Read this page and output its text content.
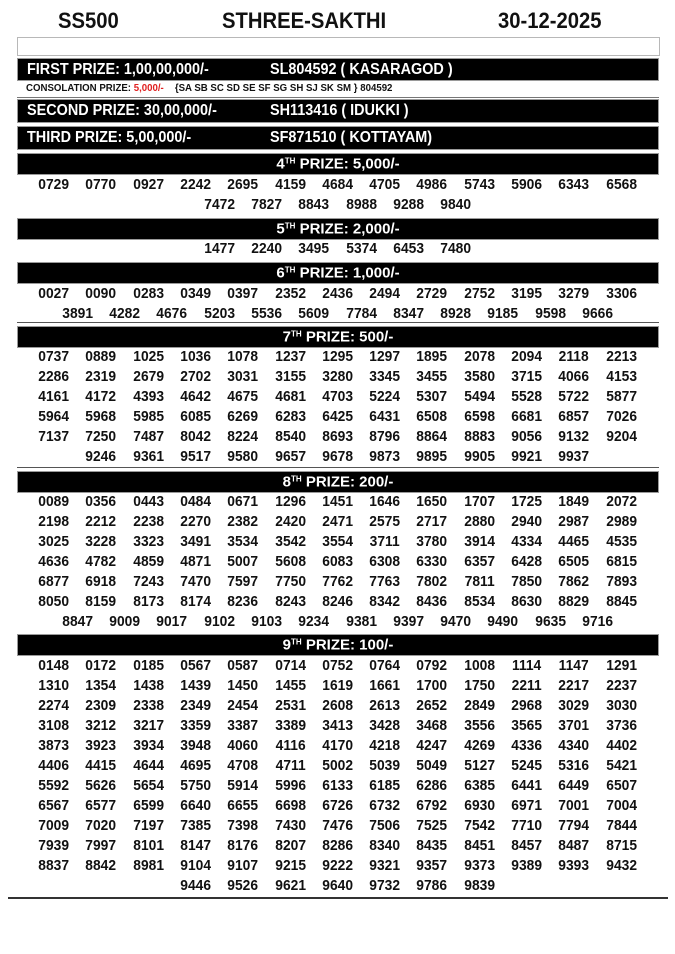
SS500	STHREE-SAKTHI	30-12-2025
FIRST PRIZE: 1,00,00,000/-	SL804592 ( KASARAGOD )
CONSOLATION PRIZE: 5,000/- {SA SB SC SD SE SF SG SH SJ SK SM } 804592
SECOND PRIZE: 30,00,000/-	SH113416 ( IDUKKI )
THIRD PRIZE: 5,00,000/-	SF871510 ( KOTTAYAM)
4TH PRIZE: 5,000/-
0729 0770 0927 2242 2695 4159 4684 4705 4986 5743 5906 6343 6568
7472 7827 8843 8988 9288 9840
5TH PRIZE: 2,000/-
1477 2240 3495 5374 6453 7480
6TH PRIZE: 1,000/-
0027 0090 0283 0349 0397 2352 2436 2494 2729 2752 3195 3279 3306
3891 4282 4676 5203 5536 5609 7784 8347 8928 9185 9598 9666
7TH PRIZE: 500/-
0737 0889 1025 1036 1078 1237 1295 1297 1895 2078 2094 2118 2213
2286 2319 2679 2702 3031 3155 3280 3345 3455 3580 3715 4066 4153
4161 4172 4393 4642 4675 4681 4703 5224 5307 5494 5528 5722 5877
5964 5968 5985 6085 6269 6283 6425 6431 6508 6598 6681 6857 7026
7137 7250 7487 8042 8224 8540 8693 8796 8864 8883 9056 9132 9204
9246 9361 9517 9580 9657 9678 9873 9895 9905 9921 9937
8TH PRIZE: 200/-
0089 0356 0443 0484 0671 1296 1451 1646 1650 1707 1725 1849 2072
2198 2212 2238 2270 2382 2420 2471 2575 2717 2880 2940 2987 2989
3025 3228 3323 3491 3534 3542 3554 3711 3780 3914 4334 4465 4535
4636 4782 4859 4871 5007 5608 6083 6308 6330 6357 6428 6505 6815
6877 6918 7243 7470 7597 7750 7762 7763 7802 7811 7850 7862 7893
8050 8159 8173 8174 8236 8243 8246 8342 8436 8534 8630 8829 8845
8847 9009 9017 9102 9103 9234 9381 9397 9470 9490 9635 9716
9TH PRIZE: 100/-
0148 0172 0185 0567 0587 0714 0752 0764 0792 1008 1114 1147 1291
1310 1354 1438 1439 1450 1455 1619 1661 1700 1750 2211 2217 2237
2274 2309 2338 2349 2454 2531 2608 2613 2652 2849 2968 3029 3030
3108 3212 3217 3359 3387 3389 3413 3428 3468 3556 3565 3701 3736
3873 3923 3934 3948 4060 4116 4170 4218 4247 4269 4336 4340 4402
4406 4415 4644 4695 4708 4711 5002 5039 5049 5127 5245 5316 5421
5592 5626 5654 5750 5914 5996 6133 6185 6286 6385 6441 6449 6507
6567 6577 6599 6640 6655 6698 6726 6732 6792 6930 6971 7001 7004
7009 7020 7197 7385 7398 7430 7476 7506 7525 7542 7710 7794 7844
7939 7997 8101 8147 8176 8207 8286 8340 8435 8451 8457 8487 8715
8837 8842 8981 9104 9107 9215 9222 9321 9357 9373 9389 9393 9432
9446 9526 9621 9640 9732 9786 9839
